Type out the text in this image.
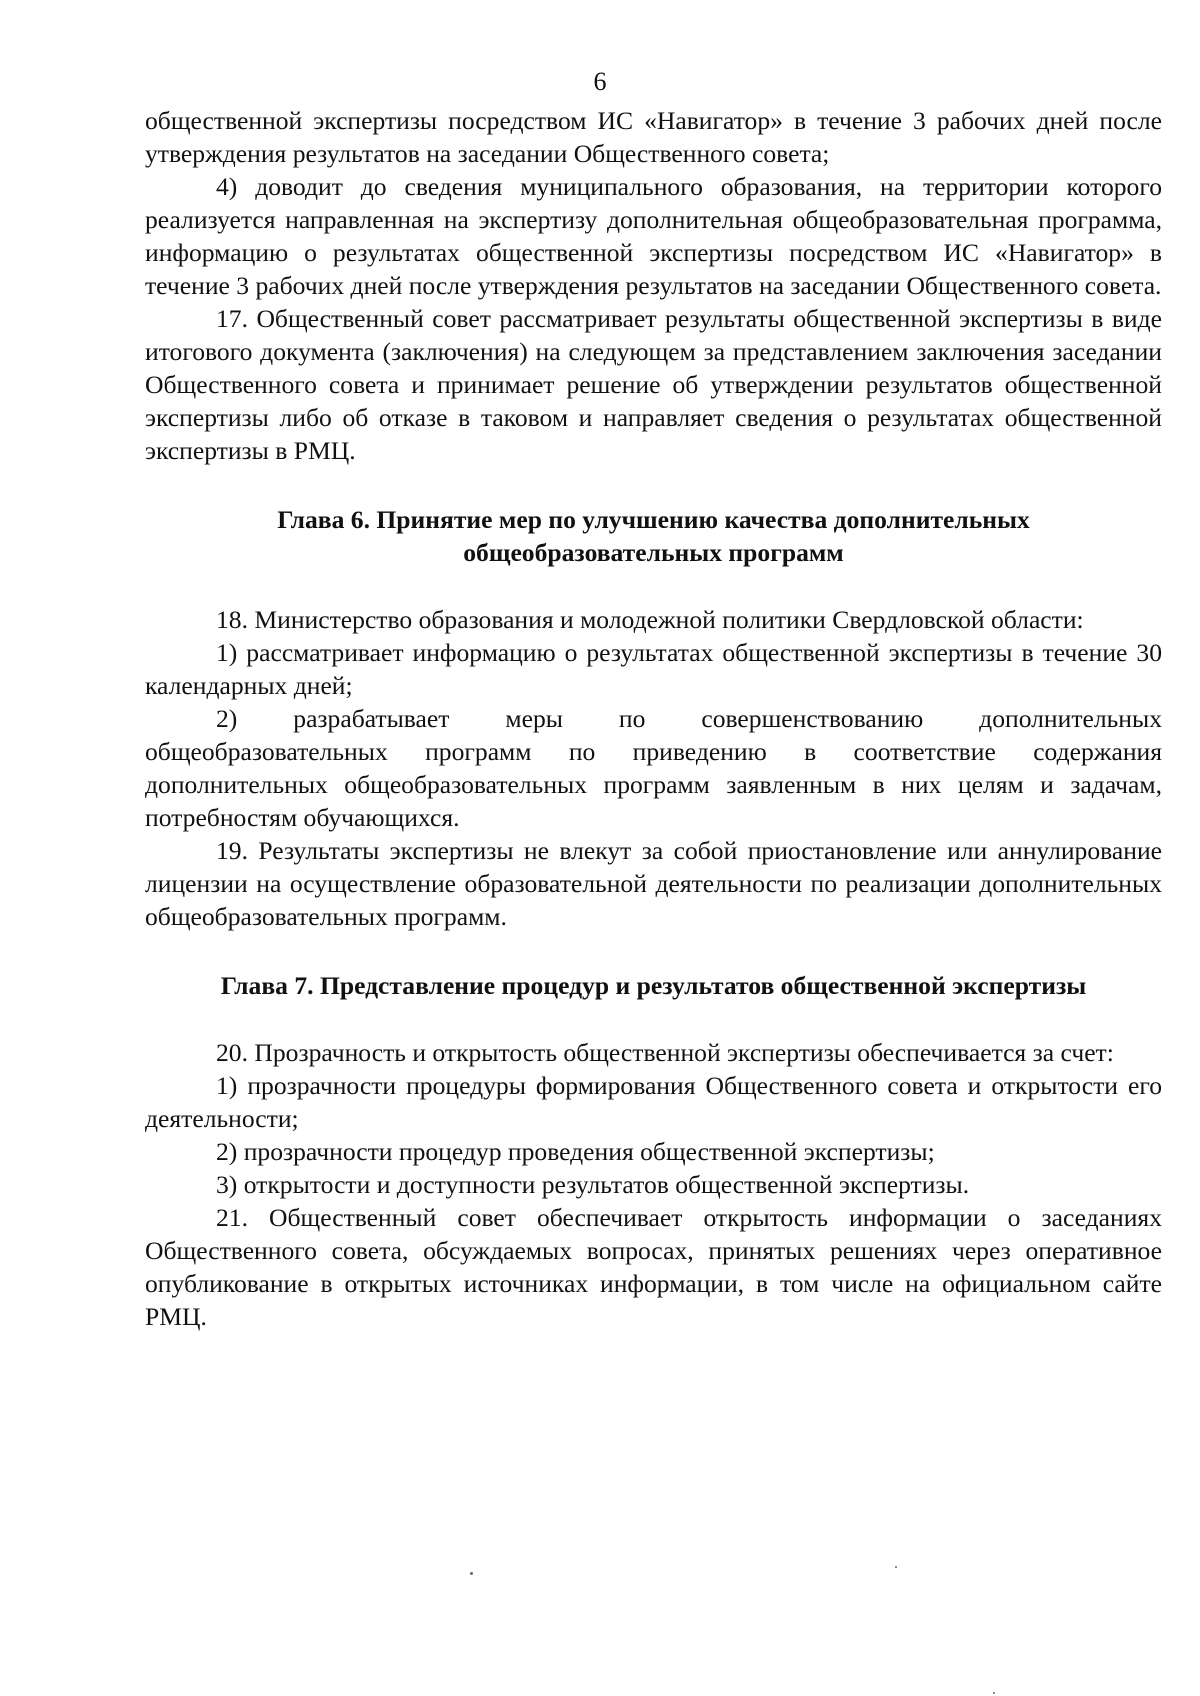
6

общественной экспертизы посредством ИС «Навигатор» в течение 3 рабочих дней после утверждения результатов на заседании Общественного совета;

4) доводит до сведения муниципального образования, на территории которого реализуется направленная на экспертизу дополнительная общеобразовательная программа, информацию о результатах общественной экспертизы посредством ИС «Навигатор» в течение 3 рабочих дней после утверждения результатов на заседании Общественного совета.

17. Общественный совет рассматривает результаты общественной экспертизы в виде итогового документа (заключения) на следующем за представлением заключения заседании Общественного совета и принимает решение об утверждении результатов общественной экспертизы либо об отказе в таковом и направляет сведения о результатах общественной экспертизы в РМЦ.

Глава 6. Принятие мер по улучшению качества дополнительных
общеобразовательных программ

18. Министерство образования и молодежной политики Свердловской области:

1) рассматривает информацию о результатах общественной экспертизы в течение 30 календарных дней;

2) разрабатывает меры по совершенствованию дополнительных общеобразовательных программ по приведению в соответствие содержания дополнительных общеобразовательных программ заявленным в них целям и задачам, потребностям обучающихся.

19. Результаты экспертизы не влекут за собой приостановление или аннулирование лицензии на осуществление образовательной деятельности по реализации дополнительных общеобразовательных программ.

Глава 7. Представление процедур и результатов общественной экспертизы

20. Прозрачность и открытость общественной экспертизы обеспечивается за счет:

1) прозрачности процедуры формирования Общественного совета и открытости его деятельности;

2) прозрачности процедур проведения общественной экспертизы;

3) открытости и доступности результатов общественной экспертизы.

21. Общественный совет обеспечивает открытость информации о заседаниях Общественного совета, обсуждаемых вопросах, принятых решениях через оперативное опубликование в открытых источниках информации, в том числе на официальном сайте РМЦ.
